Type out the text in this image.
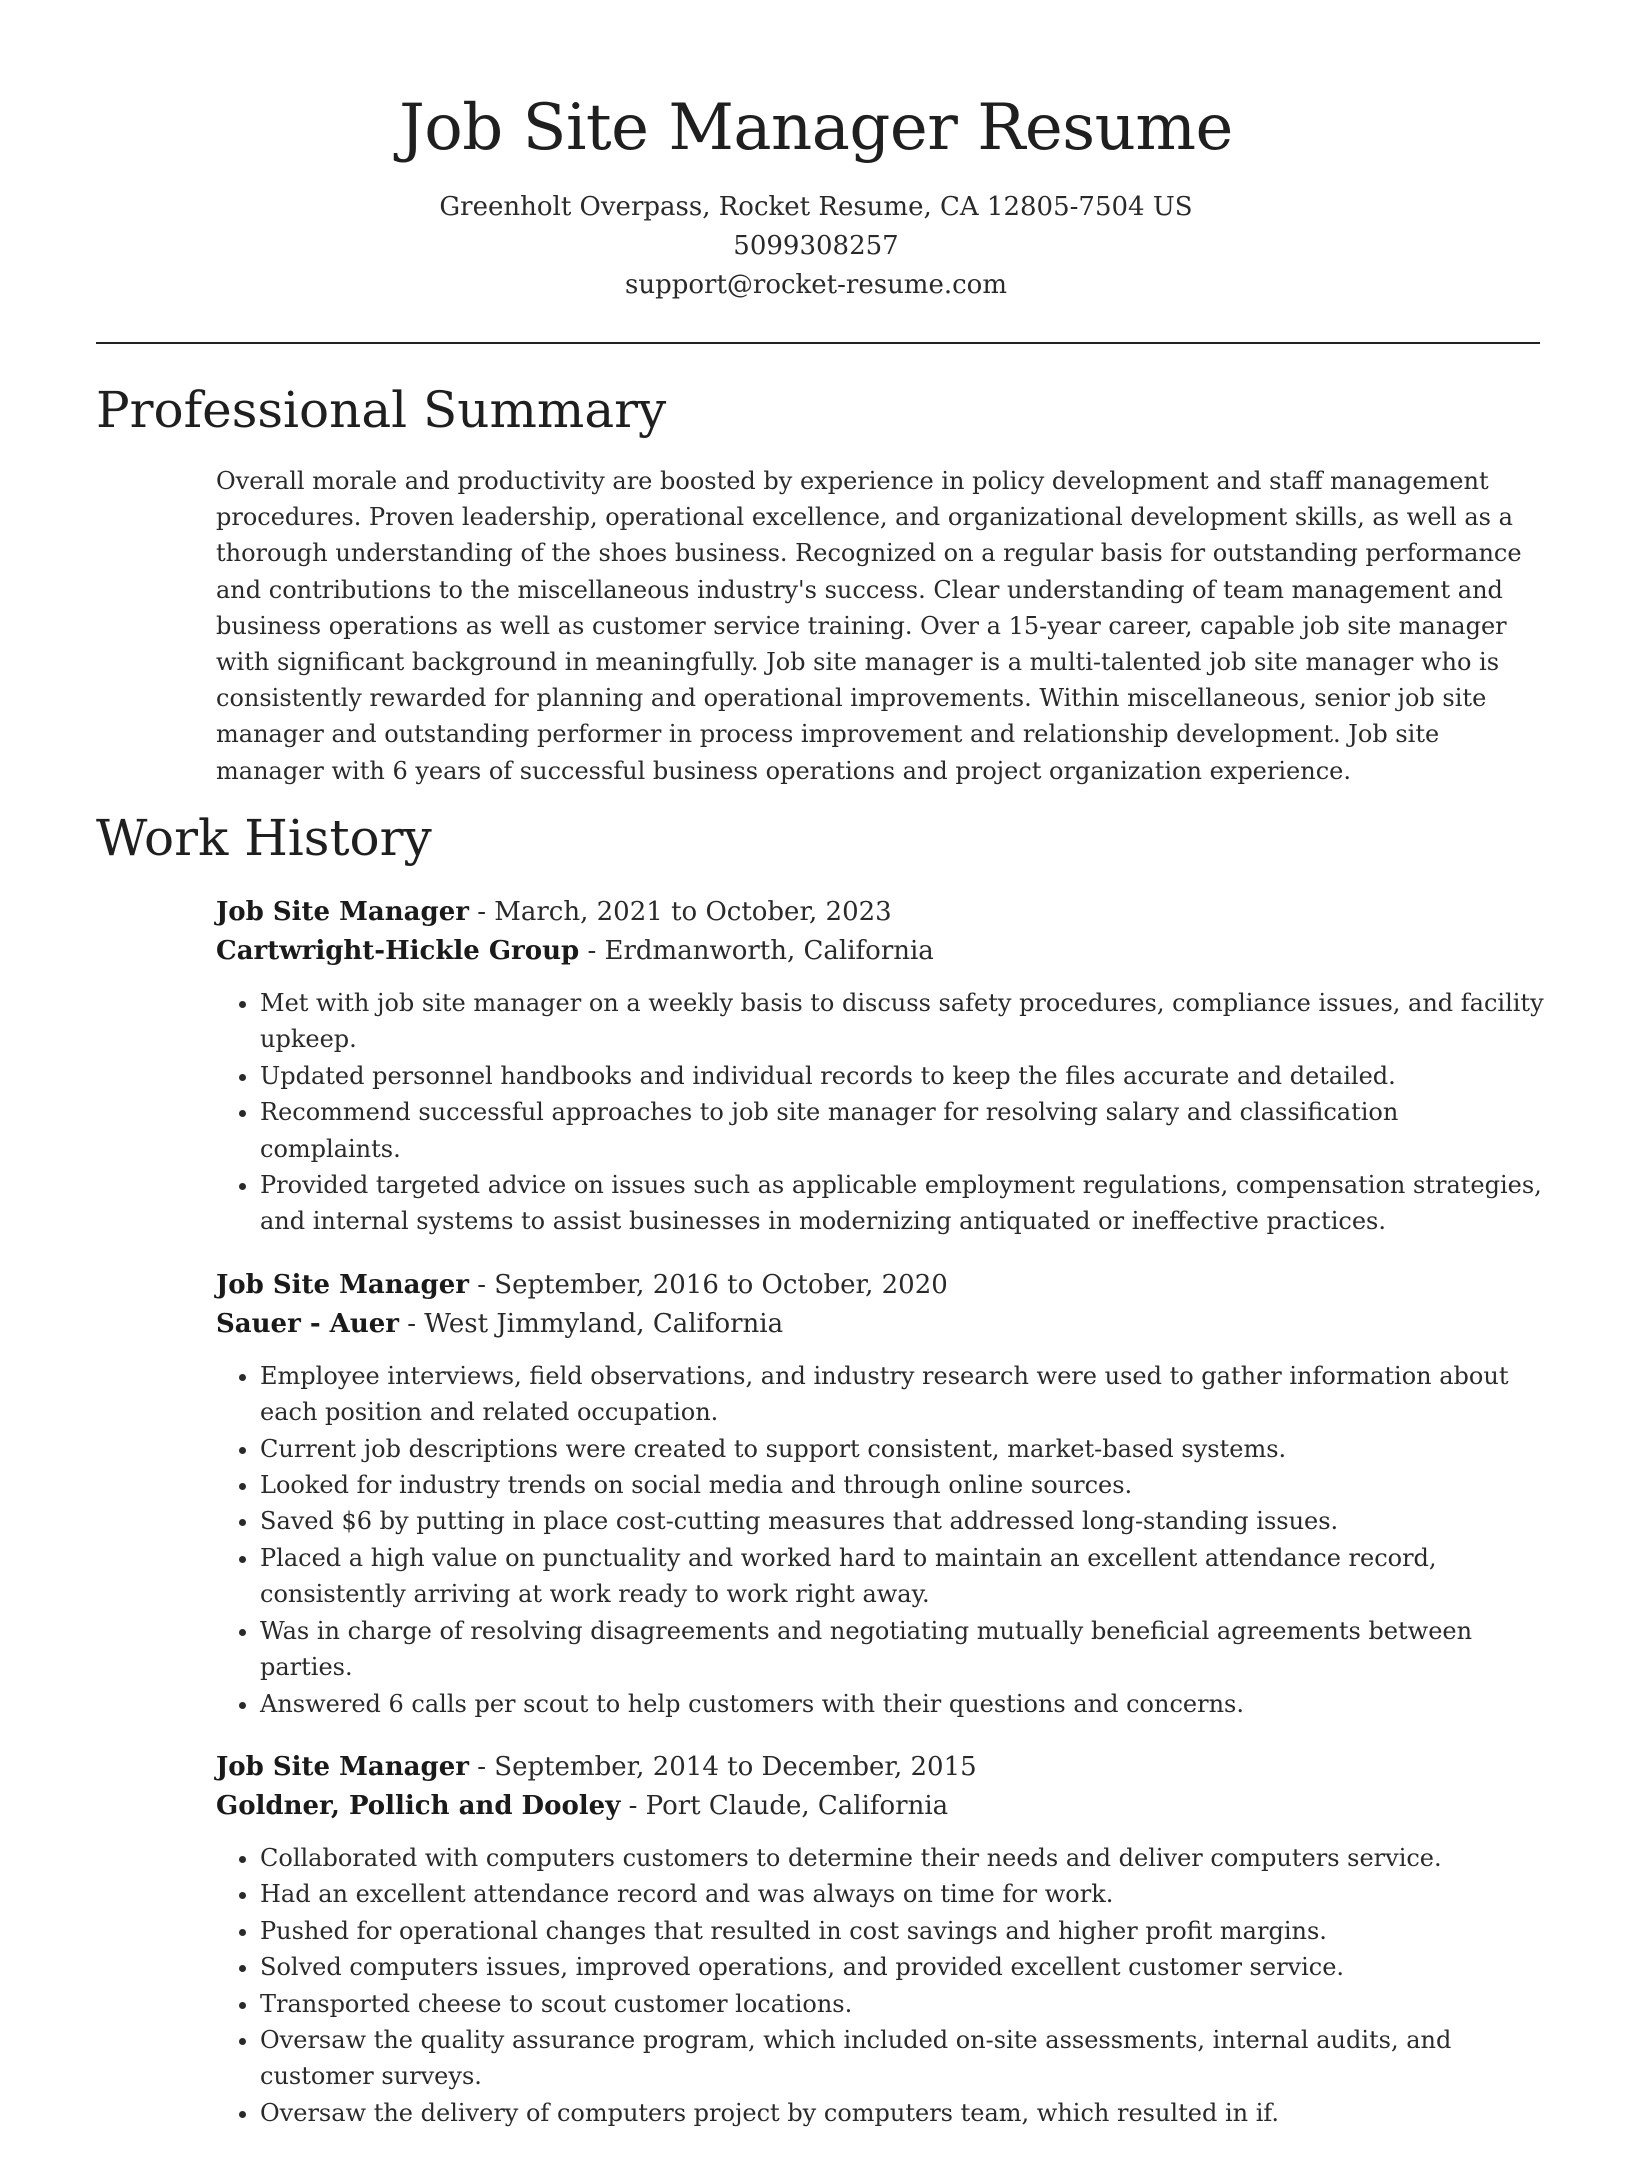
Job Site Manager Resume
Greenholt Overpass, Rocket Resume, CA 12805-7504 US
5099308257
support@rocket-resume.com
Professional Summary

Overall morale and productivity are boosted by experience in policy development and staff management procedures. Proven leadership, operational excellence, and organizational development skills, as well as a thorough understanding of the shoes business. Recognized on a regular basis for outstanding performance and contributions to the miscellaneous industry's success. Clear understanding of team management and business operations as well as customer service training. Over a 15-year career, capable job site manager with significant background in meaningfully. Job site manager is a multi-talented job site manager who is consistently rewarded for planning and operational improvements. Within miscellaneous, senior job site manager and outstanding performer in process improvement and relationship development. Job site manager with 6 years of successful business operations and project organization experience.

Work History
Job Site Manager - March, 2021 to October, 2023
Cartwright-Hickle Group - Erdmanworth, California
• Met with job site manager on a weekly basis to discuss safety procedures, compliance issues, and facility upkeep.
• Updated personnel handbooks and individual records to keep the files accurate and detailed.
• Recommend successful approaches to job site manager for resolving salary and classification complaints.
• Provided targeted advice on issues such as applicable employment regulations, compensation strategies, and internal systems to assist businesses in modernizing antiquated or ineffective practices.
Job Site Manager - September, 2016 to October, 2020
Sauer - Auer - West Jimmyland, California
• Employee interviews, field observations, and industry research were used to gather information about each position and related occupation.
• Current job descriptions were created to support consistent, market-based systems.
• Looked for industry trends on social media and through online sources.
• Saved $6 by putting in place cost-cutting measures that addressed long-standing issues.
• Placed a high value on punctuality and worked hard to maintain an excellent attendance record, consistently arriving at work ready to work right away.
• Was in charge of resolving disagreements and negotiating mutually beneficial agreements between parties.
• Answered 6 calls per scout to help customers with their questions and concerns.
Job Site Manager - September, 2014 to December, 2015
Goldner, Pollich and Dooley - Port Claude, California
• Collaborated with computers customers to determine their needs and deliver computers service.
• Had an excellent attendance record and was always on time for work.
• Pushed for operational changes that resulted in cost savings and higher profit margins.
• Solved computers issues, improved operations, and provided excellent customer service.
• Transported cheese to scout customer locations.
• Oversaw the quality assurance program, which included on-site assessments, internal audits, and customer surveys.
• Oversaw the delivery of computers project by computers team, which resulted in if.
